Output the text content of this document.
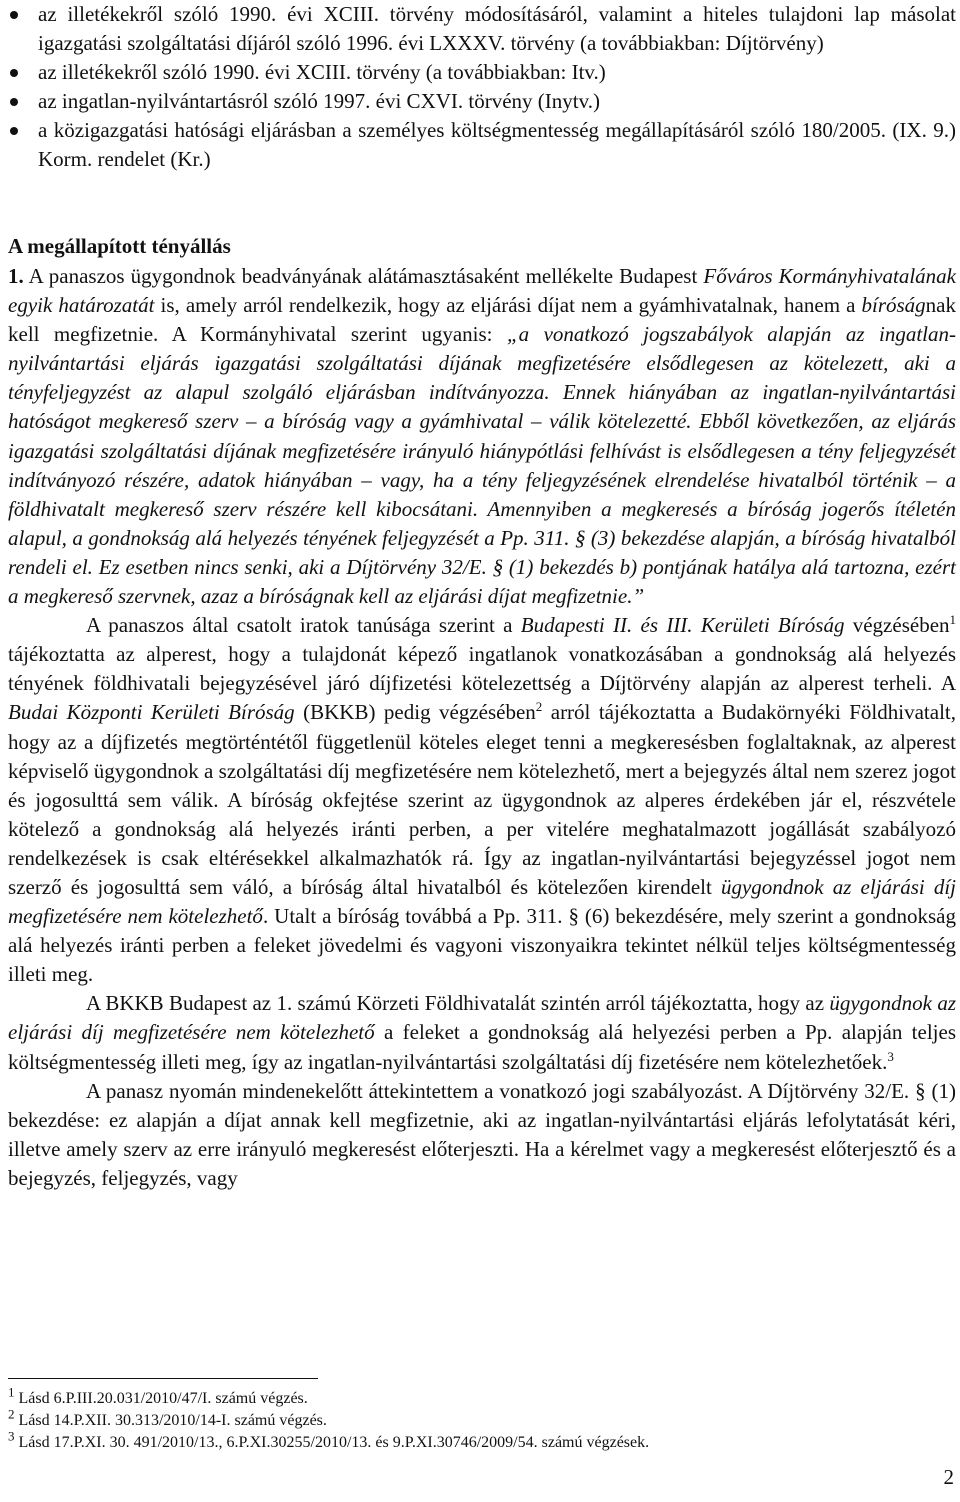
az illetékekről szóló 1990. évi XCIII. törvény módosításáról, valamint a hiteles tulajdoni lap másolat igazgatási szolgáltatási díjáról szóló 1996. évi LXXXV. törvény (a továbbiakban: Díjtörvény)
az illetékekről szóló 1990. évi XCIII. törvény (a továbbiakban: Itv.)
az ingatlan-nyilvántartásról szóló 1997. évi CXVI. törvény (Inytv.)
a közigazgatási hatósági eljárásban a személyes költségmentesség megállapításáról szóló 180/2005. (IX. 9.) Korm. rendelet (Kr.)
A megállapított tényállás

1. A panaszos ügygondnok beadványának alátámasztásaként mellékelte Budapest Főváros Kormányhivatalának egyik határozatát is, amely arról rendelkezik, hogy az eljárási díjat nem a gyámhivatalnak, hanem a bíróságnak kell megfizetnie. A Kormányhivatal szerint ugyanis: „a vonatkozó jogszabályok alapján az ingatlan-nyilvántartási eljárás igazgatási szolgáltatási díjának megfizetésére elsődlegesen az kötelezett, aki a tényfeljegyzést az alapul szolgáló eljárásban indítványozza. Ennek hiányában az ingatlan-nyilvántartási hatóságot megkereső szerv – a bíróság vagy a gyámhivatal – válik kötelezetté. Ebből következően, az eljárás igazgatási szolgáltatási díjának megfizetésére irányuló hiánypótlási felhívást is elsődlegesen a tény feljegyzését indítványozó részére, adatok hiányában – vagy, ha a tény feljegyzésének elrendelése hivatalból történik – a földhivatalt megkereső szerv részére kell kibocsátani. Amennyiben a megkeresés a bíróság jogerős ítéletén alapul, a gondnokság alá helyezés tényének feljegyzését a Pp. 311. § (3) bekezdése alapján, a bíróság hivatalból rendeli el. Ez esetben nincs senki, aki a Díjtörvény 32/E. § (1) bekezdés b) pontjának hatálya alá tartozna, ezért a megkereső szervnek, azaz a bíróságnak kell az eljárási díjat megfizetnie.”

A panaszos által csatolt iratok tanúsága szerint a Budapesti II. és III. Kerületi Bíróság végzésében$^1$ tájékoztatta az alperest, hogy a tulajdonát képező ingatlanok vonatkozásában a gondnokság alá helyezés tényének földhivatali bejegyzésével járó díjfizetési kötelezettség a Díjtörvény alapján az alperest terheli. A Budai Központi Kerületi Bíróság (BKKB) pedig végzésében$^2$ arról tájékoztatta a Budakörnyéki Földhivatalt, hogy az a díjfizetés megtörténtétől függetlenül köteles eleget tenni a megkeresésben foglaltaknak, az alperest képviselő ügygondnok a szolgáltatási díj megfizetésére nem kötelezhető, mert a bejegyzés által nem szerez jogot és jogosulttá sem válik. A bíróság okfejtése szerint az ügygondnok az alperes érdekében jár el, részvétele kötelező a gondnokság alá helyezés iránti perben, a per vitelére meghatalmazott jogállását szabályozó rendelkezések is csak eltérésekkel alkalmazhatók rá. Így az ingatlan-nyilvántartási bejegyzéssel jogot nem szerző és jogosulttá sem váló, a bíróság által hivatalból és kötelezően kirendelt ügygondnok az eljárási díj megfizetésére nem kötelezhető. Utalt a bíróság továbbá a Pp. 311. § (6) bekezdésére, mely szerint a gondnokság alá helyezés iránti perben a feleket jövedelmi és vagyoni viszonyaikra tekintet nélkül teljes költségmentesség illeti meg.

A BKKB Budapest az 1. számú Körzeti Földhivatalát szintén arról tájékoztatta, hogy az ügygondnok az eljárási díj megfizetésére nem kötelezhető a feleket a gondnokság alá helyezési perben a Pp. alapján teljes költségmentesség illeti meg, így az ingatlan-nyilvántartási szolgáltatási díj fizetésére nem kötelezhetőek.$^3$

A panasz nyomán mindenekelőtt áttekintettem a vonatkozó jogi szabályozást. A Díjtörvény 32/E. § (1) bekezdése: ez alapján a díjat annak kell megfizetnie, aki az ingatlan-nyilvántartási eljárás lefolytatását kéri, illetve amely szerv az erre irányuló megkeresést előterjeszti. Ha a kérelmet vagy a megkeresést előterjesztő és a bejegyzés, feljegyzés, vagy

$^1$ Lásd 6.P.III.20.031/2010/47/I. számú végzés.
$^2$ Lásd 14.P.XII. 30.313/2010/14-I. számú végzés.
$^3$ Lásd 17.P.XI. 30. 491/2010/13., 6.P.XI.30255/2010/13. és 9.P.XI.30746/2009/54. számú végzések.
2
